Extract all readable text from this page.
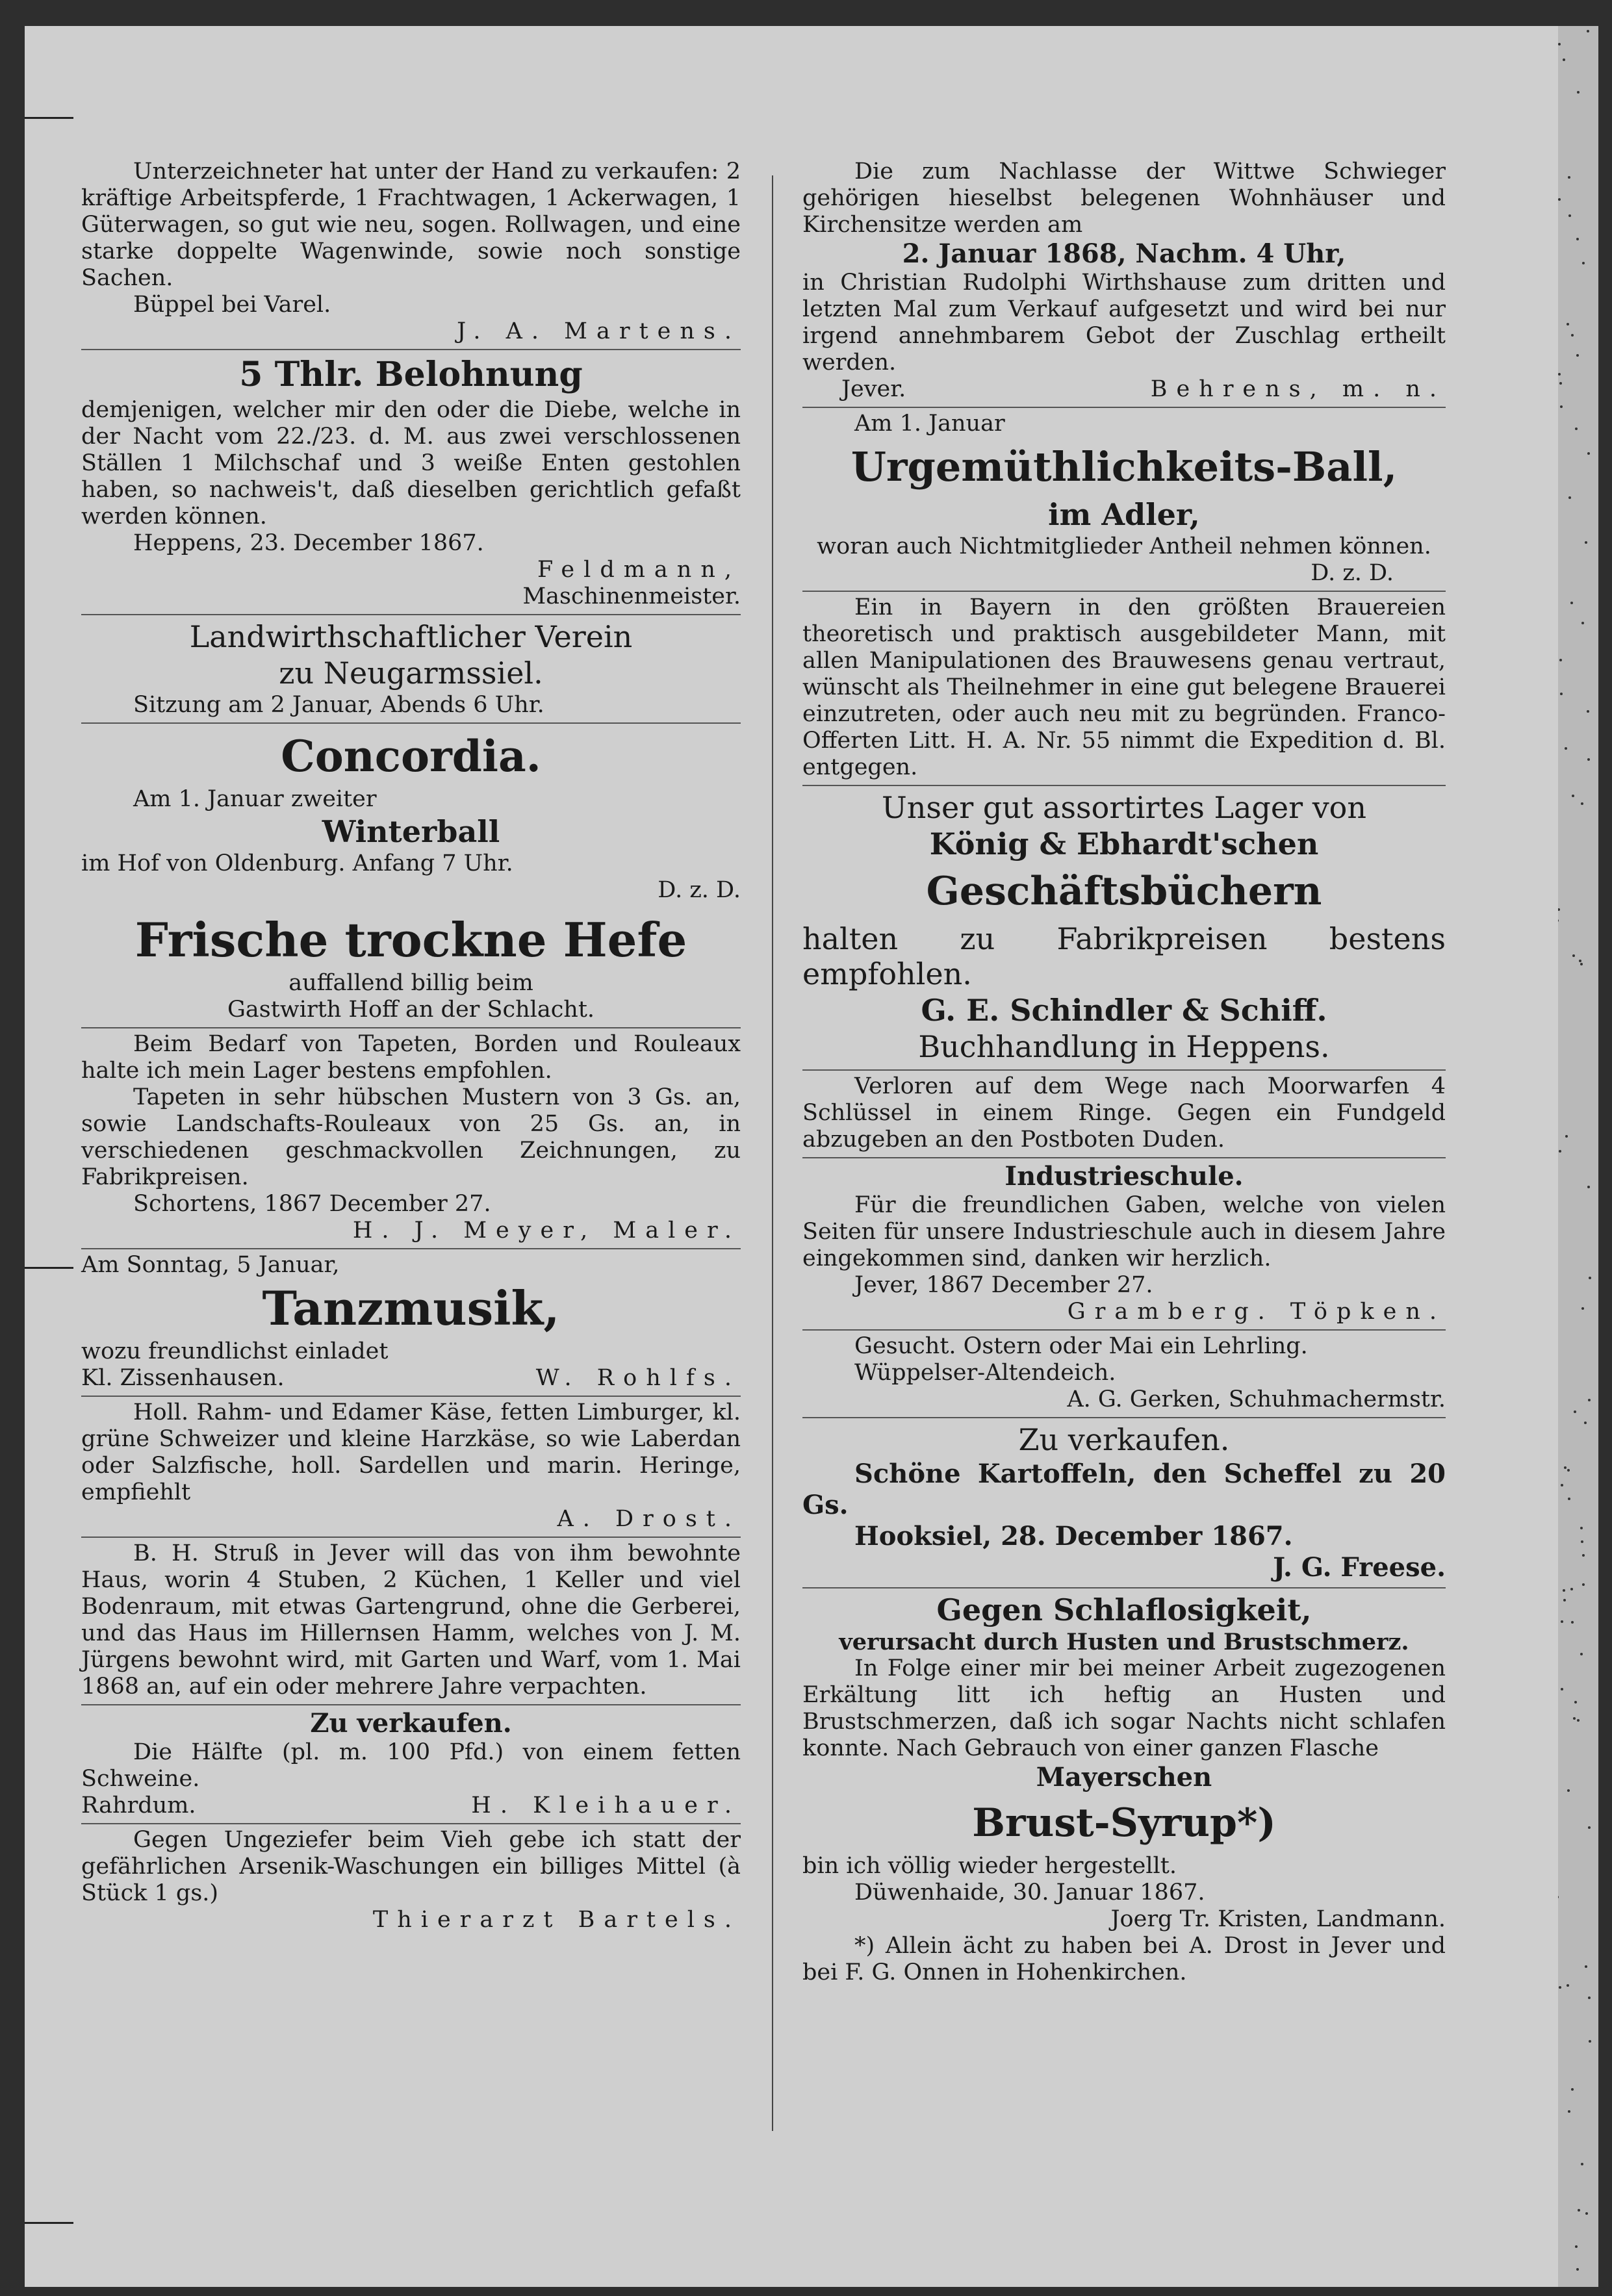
Unterzeichneter hat unter der Hand zu verkaufen: 2 kräftige Arbeitspferde, 1 Frachtwagen, 1 Ackerwagen, 1 Güterwagen, so gut wie neu, sogen. Rollwagen, und eine starke doppelte Wagenwinde, sowie noch sonstige Sachen.

Büppel bei Varel.

J. A. Martens.

5 Thlr. Belohnung

demjenigen, welcher mir den oder die Diebe, welche in der Nacht vom 22./23. d. M. aus zwei verschlossenen Ställen 1 Milchschaf und 3 weiße Enten gestohlen haben, so nachweis't, daß dieselben gerichtlich gefaßt werden können.

Heppens, 23. December 1867.

Feldmann,

Maschinenmeister.

Landwirthschaftlicher Verein

zu Neugarmssiel.

Sitzung am 2 Januar, Abends 6 Uhr.

Concordia.

Am 1. Januar zweiter

Winterball

im Hof von Oldenburg. Anfang 7 Uhr.

D. z. D.

Frische trockne Hefe

auffallend billig beim

Gastwirth Hoff an der Schlacht.

Beim Bedarf von Tapeten, Borden und Rouleaux halte ich mein Lager bestens empfohlen.

Tapeten in sehr hübschen Mustern von 3 Gs. an, sowie Landschafts-Rouleaux von 25 Gs. an, in verschiedenen geschmackvollen Zeichnungen, zu Fabrikpreisen.

Schortens, 1867 December 27.

H. J. Meyer, Maler.

Am Sonntag, 5 Januar,

Tanzmusik,

wozu freundlichst einladet

Kl. Zissenhausen.	W. Rohlfs.

Holl. Rahm- und Edamer Käse, fetten Limburger, kl. grüne Schweizer und kleine Harzkäse, so wie Laberdan oder Salzfische, holl. Sardellen und marin. Heringe, empfiehlt

A. Drost.

B. H. Struß in Jever will das von ihm bewohnte Haus, worin 4 Stuben, 2 Küchen, 1 Keller und viel Bodenraum, mit etwas Gartengrund, ohne die Gerberei, und das Haus im Hillernsen Hamm, welches von J. M. Jürgens bewohnt wird, mit Garten und Warf, vom 1. Mai 1868 an, auf ein oder mehrere Jahre verpachten.

Zu verkaufen.

Die Hälfte (pl. m. 100 Pfd.) von einem fetten Schweine.

Rahrdum.	H. Kleihauer.

Gegen Ungeziefer beim Vieh gebe ich statt der gefährlichen Arsenik-Waschungen ein billiges Mittel (à Stück 1 gs.)

Thierarzt Bartels.

Die zum Nachlasse der Wittwe Schwieger gehörigen hieselbst belegenen Wohnhäuser und Kirchensitze werden am

2. Januar 1868, Nachm. 4 Uhr,

in Christian Rudolphi Wirthshause zum dritten und letzten Mal zum Verkauf aufgesetzt und wird bei nur irgend annehmbarem Gebot der Zuschlag ertheilt werden.

Jever.	Behrens, m. n.

Am 1. Januar

Urgemüthlichkeits-Ball,

im Adler,

woran auch Nichtmitglieder Antheil nehmen können.

D. z. D.

Ein in Bayern in den größten Brauereien theoretisch und praktisch ausgebildeter Mann, mit allen Manipulationen des Brauwesens genau vertraut, wünscht als Theilnehmer in eine gut belegene Brauerei einzutreten, oder auch neu mit zu begründen. Franco-Offerten Litt. H. A. Nr. 55 nimmt die Expedition d. Bl. entgegen.

Unser gut assortirtes Lager von

König & Ebhardt'schen

Geschäftsbüchern

halten zu Fabrikpreisen bestens empfohlen.

G. E. Schindler & Schiff.

Buchhandlung in Heppens.

Verloren auf dem Wege nach Moorwarfen 4 Schlüssel in einem Ringe. Gegen ein Fundgeld abzugeben an den Postboten Duden.

Industrieschule.

Für die freundlichen Gaben, welche von vielen Seiten für unsere Industrieschule auch in diesem Jahre eingekommen sind, danken wir herzlich.

Jever, 1867 December 27.

Gramberg. Töpken.

Gesucht. Ostern oder Mai ein Lehrling.

Wüppelser-Altendeich.

A. G. Gerken, Schuhmachermstr.

Zu verkaufen.

Schöne Kartoffeln, den Scheffel zu 20 Gs.

Hooksiel, 28. December 1867.

J. G. Freese.

Gegen Schlaflosigkeit,

verursacht durch Husten und Brustschmerz.

In Folge einer mir bei meiner Arbeit zugezogenen Erkältung litt ich heftig an Husten und Brustschmerzen, daß ich sogar Nachts nicht schlafen konnte. Nach Gebrauch von einer ganzen Flasche

Mayerschen

Brust-Syrup*)

bin ich völlig wieder hergestellt.

Düwenhaide, 30. Januar 1867.

Joerg Tr. Kristen, Landmann.

*) Allein ächt zu haben bei A. Drost in Jever und bei F. G. Onnen in Hohenkirchen.
